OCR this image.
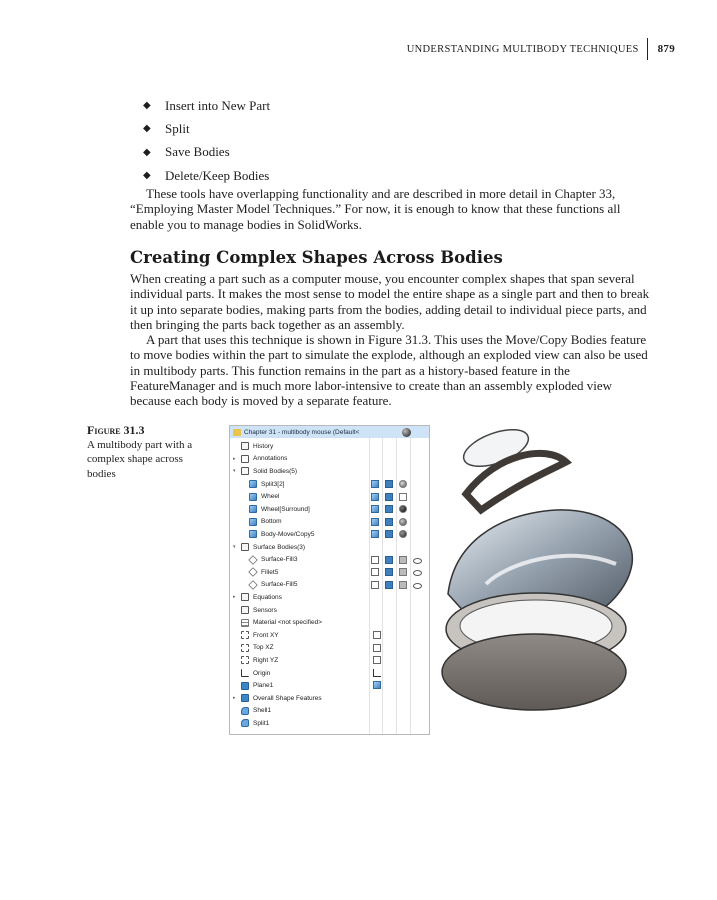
UNDERSTANDING MULTIBODY TECHNIQUES 879
◆	Insert into New Part
◆	Split
◆	Save Bodies
◆	Delete/Keep Bodies

These tools have overlapping functionality and are described in more detail in Chapter 33, “Employing Master Model Techniques.” For now, it is enough to know that these functions all enable you to manage bodies in SolidWorks.

Creating Complex Shapes Across Bodies

When creating a part such as a computer mouse, you encounter complex shapes that span several individual parts. It makes the most sense to model the entire shape as a single part and then to break it up into separate bodies, making parts from the bodies, adding detail to individual piece parts, and then bringing the parts back together as an assembly.

A part that uses this technique is shown in Figure 31.3. This uses the Move/Copy Bodies feature to move bodies within the part to simulate the explode, although an exploded view can also be used in multibody parts. This function remains in the part as a history-based feature in the FeatureManager and is much more labor-intensive to create than an assembly exploded view because each body is moved by a separate feature.

Figure 31.3
A multibody part with a complex shape across bodies
Chapter 31 - multibody mouse (Default<
History
▸	Annotations
▾	Solid Bodies(5)
Split3[2]
Wheel
Wheel[Surround]
Bottom
Body-Move/Copy5
▾	Surface Bodies(3)
Surface-Fill3
Fillet5
Surface-Fill5
▸	Equations
Sensors
Material <not specified>
Front XY
Top XZ
Right YZ
Origin
Plane1
▸	Overall Shape Features
Shell1
Split1
